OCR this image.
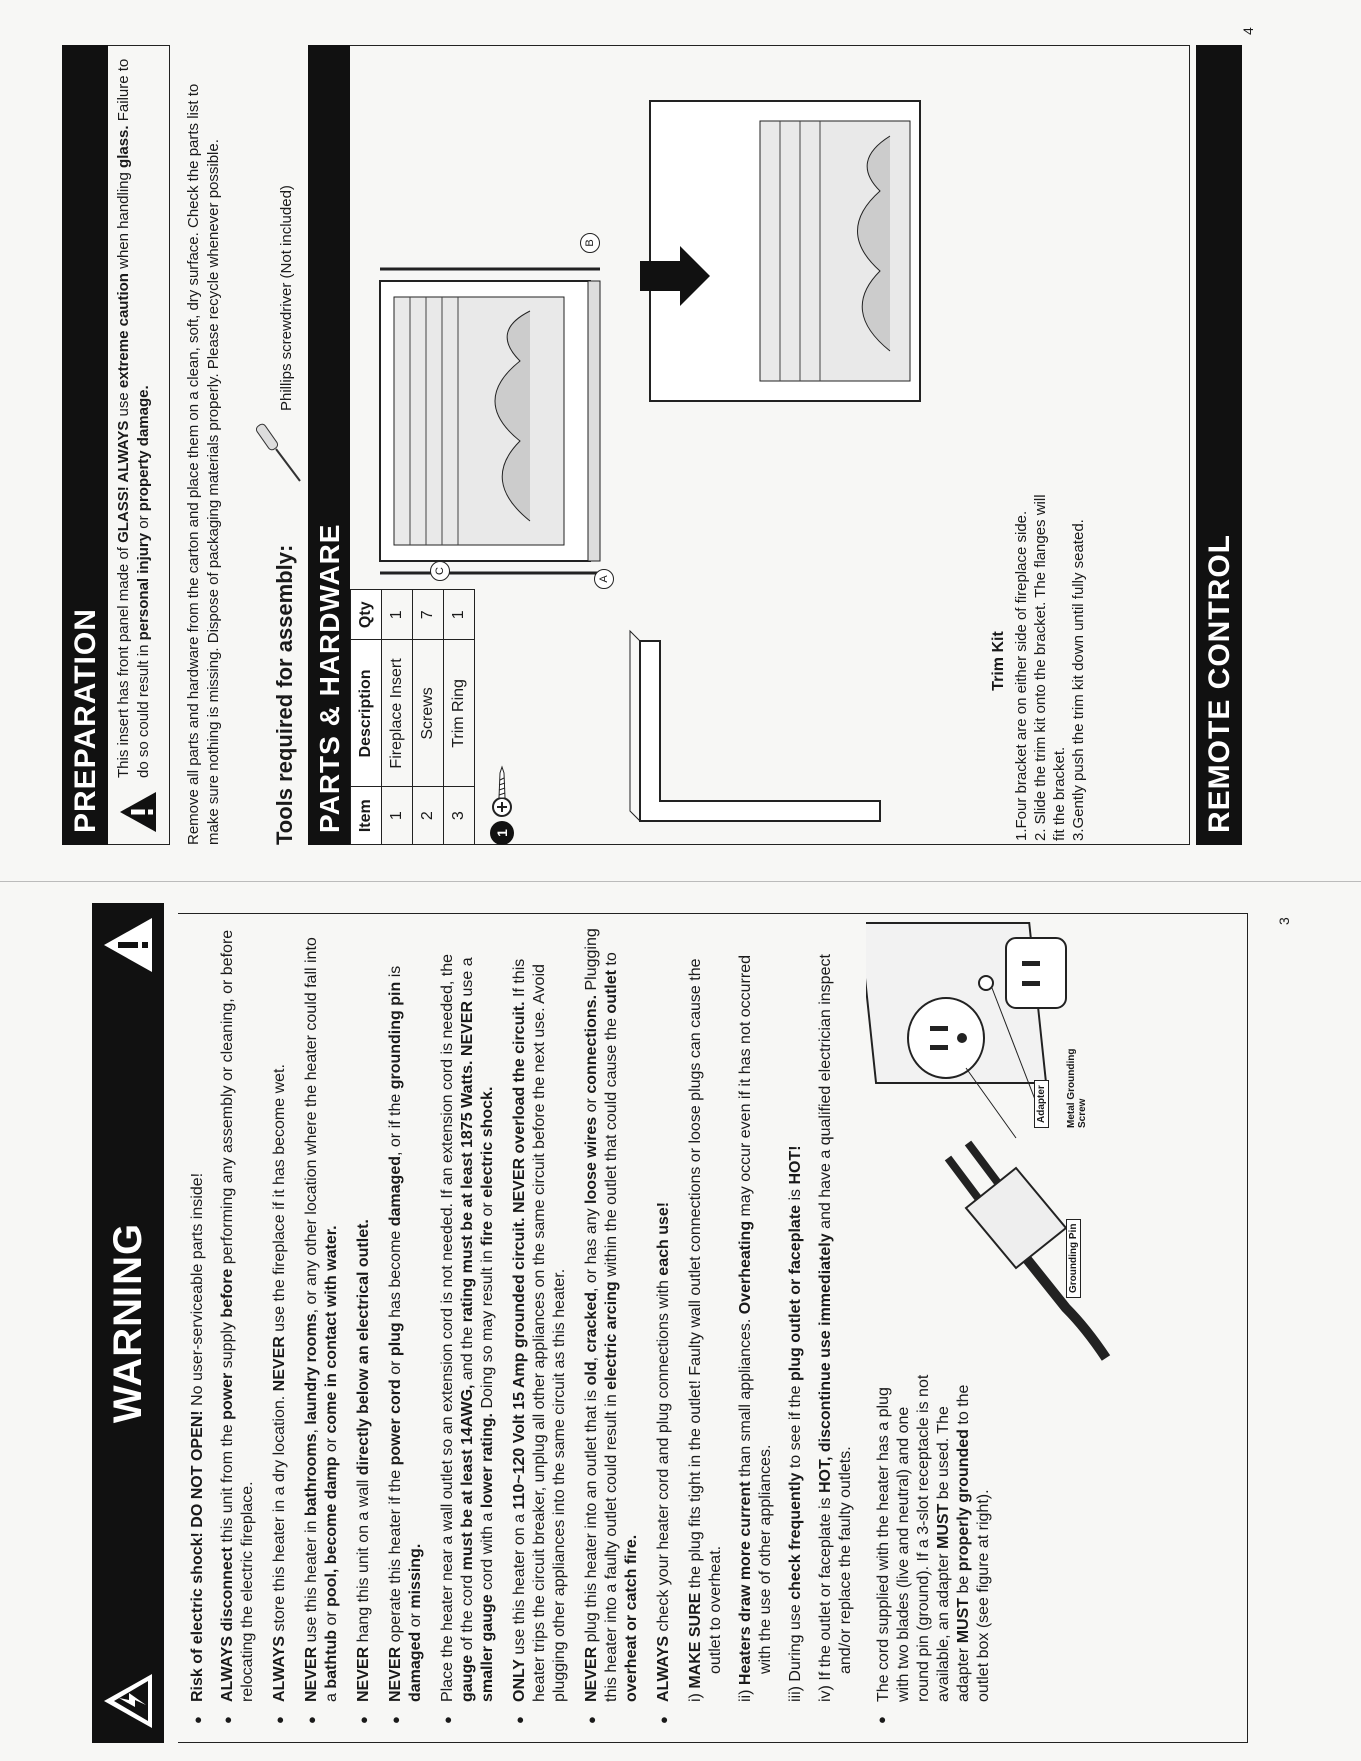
WARNING
●
Risk of electric shock! DO NOT OPEN! No user-serviceable parts inside!
● ALWAYS disconnect this unit from the power supply before performing any assembly or cleaning, or before relocating the electric fireplace. ● ALWAYS store this heater in a dry location. NEVER use the fireplace if it has become wet.
● NEVER use this heater in bathrooms, laundry rooms, or any other location where the heater could fall into a bathtub or pool, become damp or come in contact with water.
● NEVER hang this unit on a wall directly below an electrical outlet.
● NEVER operate this heater if the power cord or plug has become damaged, or if the grounding pin is damaged or missing. ● Place the heater near a wall outlet so an extension cord is not needed. If an extension cord is needed, the gauge of the cord must be at least 14AWG, and the rating must be at least 1875 Watts. NEVER use a smaller gauge cord with a lower rating. Doing so may result in fire or electric shock.
● ONLY use this heater on a 110~120 Volt 15 Amp grounded circuit. NEVER overload the circuit. If this heater trips the circuit breaker, unplug all other appliances on the same circuit before the next use. Avoid plugging other appliances into the same circuit as this heater. ● NEVER plug this heater into an outlet that is old, cracked, or has any loose wires or connections. Plugging this heater into a faulty outlet could result in electric arcing within the outlet that could cause the outlet to overheat or catch fire. ● ALWAYS check your heater cord and plug connections with each use!
i) MAKE SURE the plug fits tight in the outlet! Faulty wall outlet connections or loose plugs can cause the outlet to overheat.
ii) Heaters draw more current than small appliances. Overheating may occur even if it has not occurred with the use of other appliances. iii) During use check frequently to see if the plug outlet or faceplate is HOT!
iv) If the outlet or faceplate is HOT, discontinue use immediately and have a qualified electrician inspect and/or replace the faulty outlets. The cord supplied with the heater has a plug with two blades (live and neutral) and one round pin (ground). If a 3-slot receptacle is not available, an adapter MUST be used. The adapter MUST be properly grounded to the outlet box (see figure at right).
●
Grounding Pin
Adapter Metal Grounding Screw
3
PREPARATION This insert has front panel made of GLASS! ALWAYS use extreme caution when handling glass. Failure to do so could result in personal injury or property damage. Remove all parts and hardware from the carton and place them on a clean, soft, dry surface. Check the parts list to make sure nothing is missing. Dispose of packaging materials properly. Please recycle whenever possible. Tools required for assembly:
Phillips screwdriver (Not included)
PARTS & HARDWARE Item	Description	Qty
1	Fireplace Insert	1
2	Screws	7
3	Trim Ring	1
1
A
B
C
Trim Kit 1.Four bracket are on either side of fireplace side. 2. Slide the trim kit onto the bracket. The flanges will fit the bracket. 3.Gently push the trim kit down until fully seated.	REMOTE CONTROL
4
